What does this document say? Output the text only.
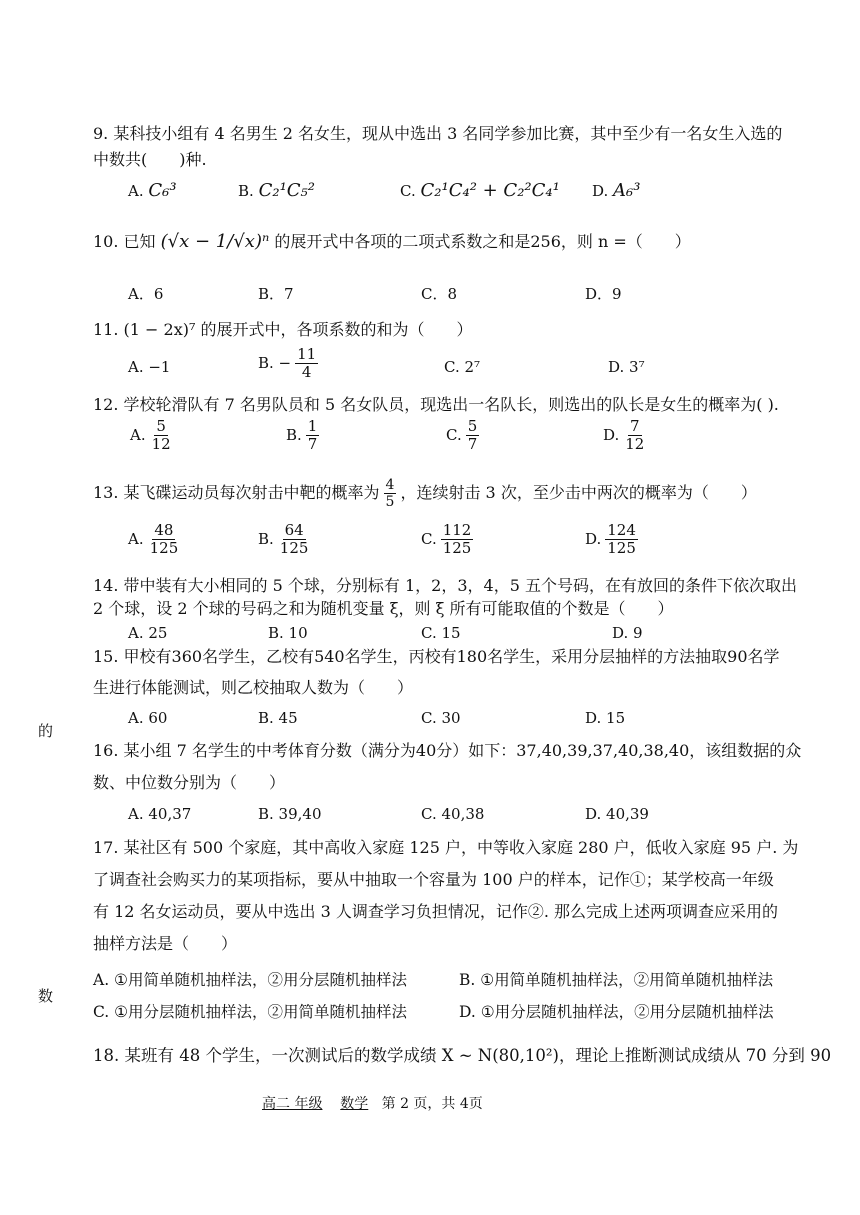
9. 某科技小组有 4 名男生 2 名女生，现从中选出 3 名同学参加比赛，其中至少有一名女生入选的
中数共(　　)种.
A. C₆³	B. C₂¹C₅²	C. C₂¹C₄² + C₂²C₄¹ D. A₆³
10. 已知 (√x − 1/√x)ⁿ 的展开式中各项的二项式系数之和是256，则 n =（　　）
A．6	B．7	C．8	D．9
11. (1 − 2x)⁷ 的展开式中，各项系数的和为（　　）
A. −1	B. − $\frac{11}{4}$	C. 2⁷	D. 3⁷
12. 学校轮滑队有 7 名男队员和 5 名女队员，现选出一名队长，则选出的队长是女生的概率为( ).
A. $\frac{5}{12}$	B. $\frac{1}{7}$	C. $\frac{5}{7}$	D. $\frac{7}{12}$
13. 某飞碟运动员每次射击中靶的概率为 $\frac{4}{5}$ ，连续射击 3 次，至少击中两次的概率为（　　）
A. $\frac{48}{125}$	B. $\frac{64}{125}$	C. $\frac{112}{125}$	D. $\frac{124}{125}$
14. 带中装有大小相同的 5 个球，分别标有 1，2，3，4，5 五个号码，在有放回的条件下依次取出
2 个球，设 2 个球的号码之和为随机变量 ξ，则 ξ 所有可能取值的个数是（　　）
A. 25	B. 10	C. 15	D. 9
15. 甲校有360名学生，乙校有540名学生，丙校有180名学生，采用分层抽样的方法抽取90名学
生进行体能测试，则乙校抽取人数为（　　）
A. 60	B. 45	C. 30	D. 15
的
16. 某小组 7 名学生的中考体育分数（满分为40分）如下：37,40,39,37,40,38,40，该组数据的众
数、中位数分别为（　　）
A. 40,37	B. 39,40	C. 40,38	D. 40,39
17. 某社区有 500 个家庭，其中高收入家庭 125 户，中等收入家庭 280 户，低收入家庭 95 户. 为
了调查社会购买力的某项指标，要从中抽取一个容量为 100 户的样本，记作①；某学校高一年级
有 12 名女运动员，要从中选出 3 人调查学习负担情况，记作②. 那么完成上述两项调查应采用的
抽样方法是（　　）
A. ①用简单随机抽样法，②用分层随机抽样法	B. ①用简单随机抽样法，②用简单随机抽样法
C. ①用分层随机抽样法，②用简单随机抽样法	D. ①用分层随机抽样法，②用分层随机抽样法
数
18. 某班有 48 个学生，一次测试后的数学成绩 X ~ N(80,10²)，理论上推断测试成绩从 70 分到 90
高二 年级 数学 第 2 页，共 4页
